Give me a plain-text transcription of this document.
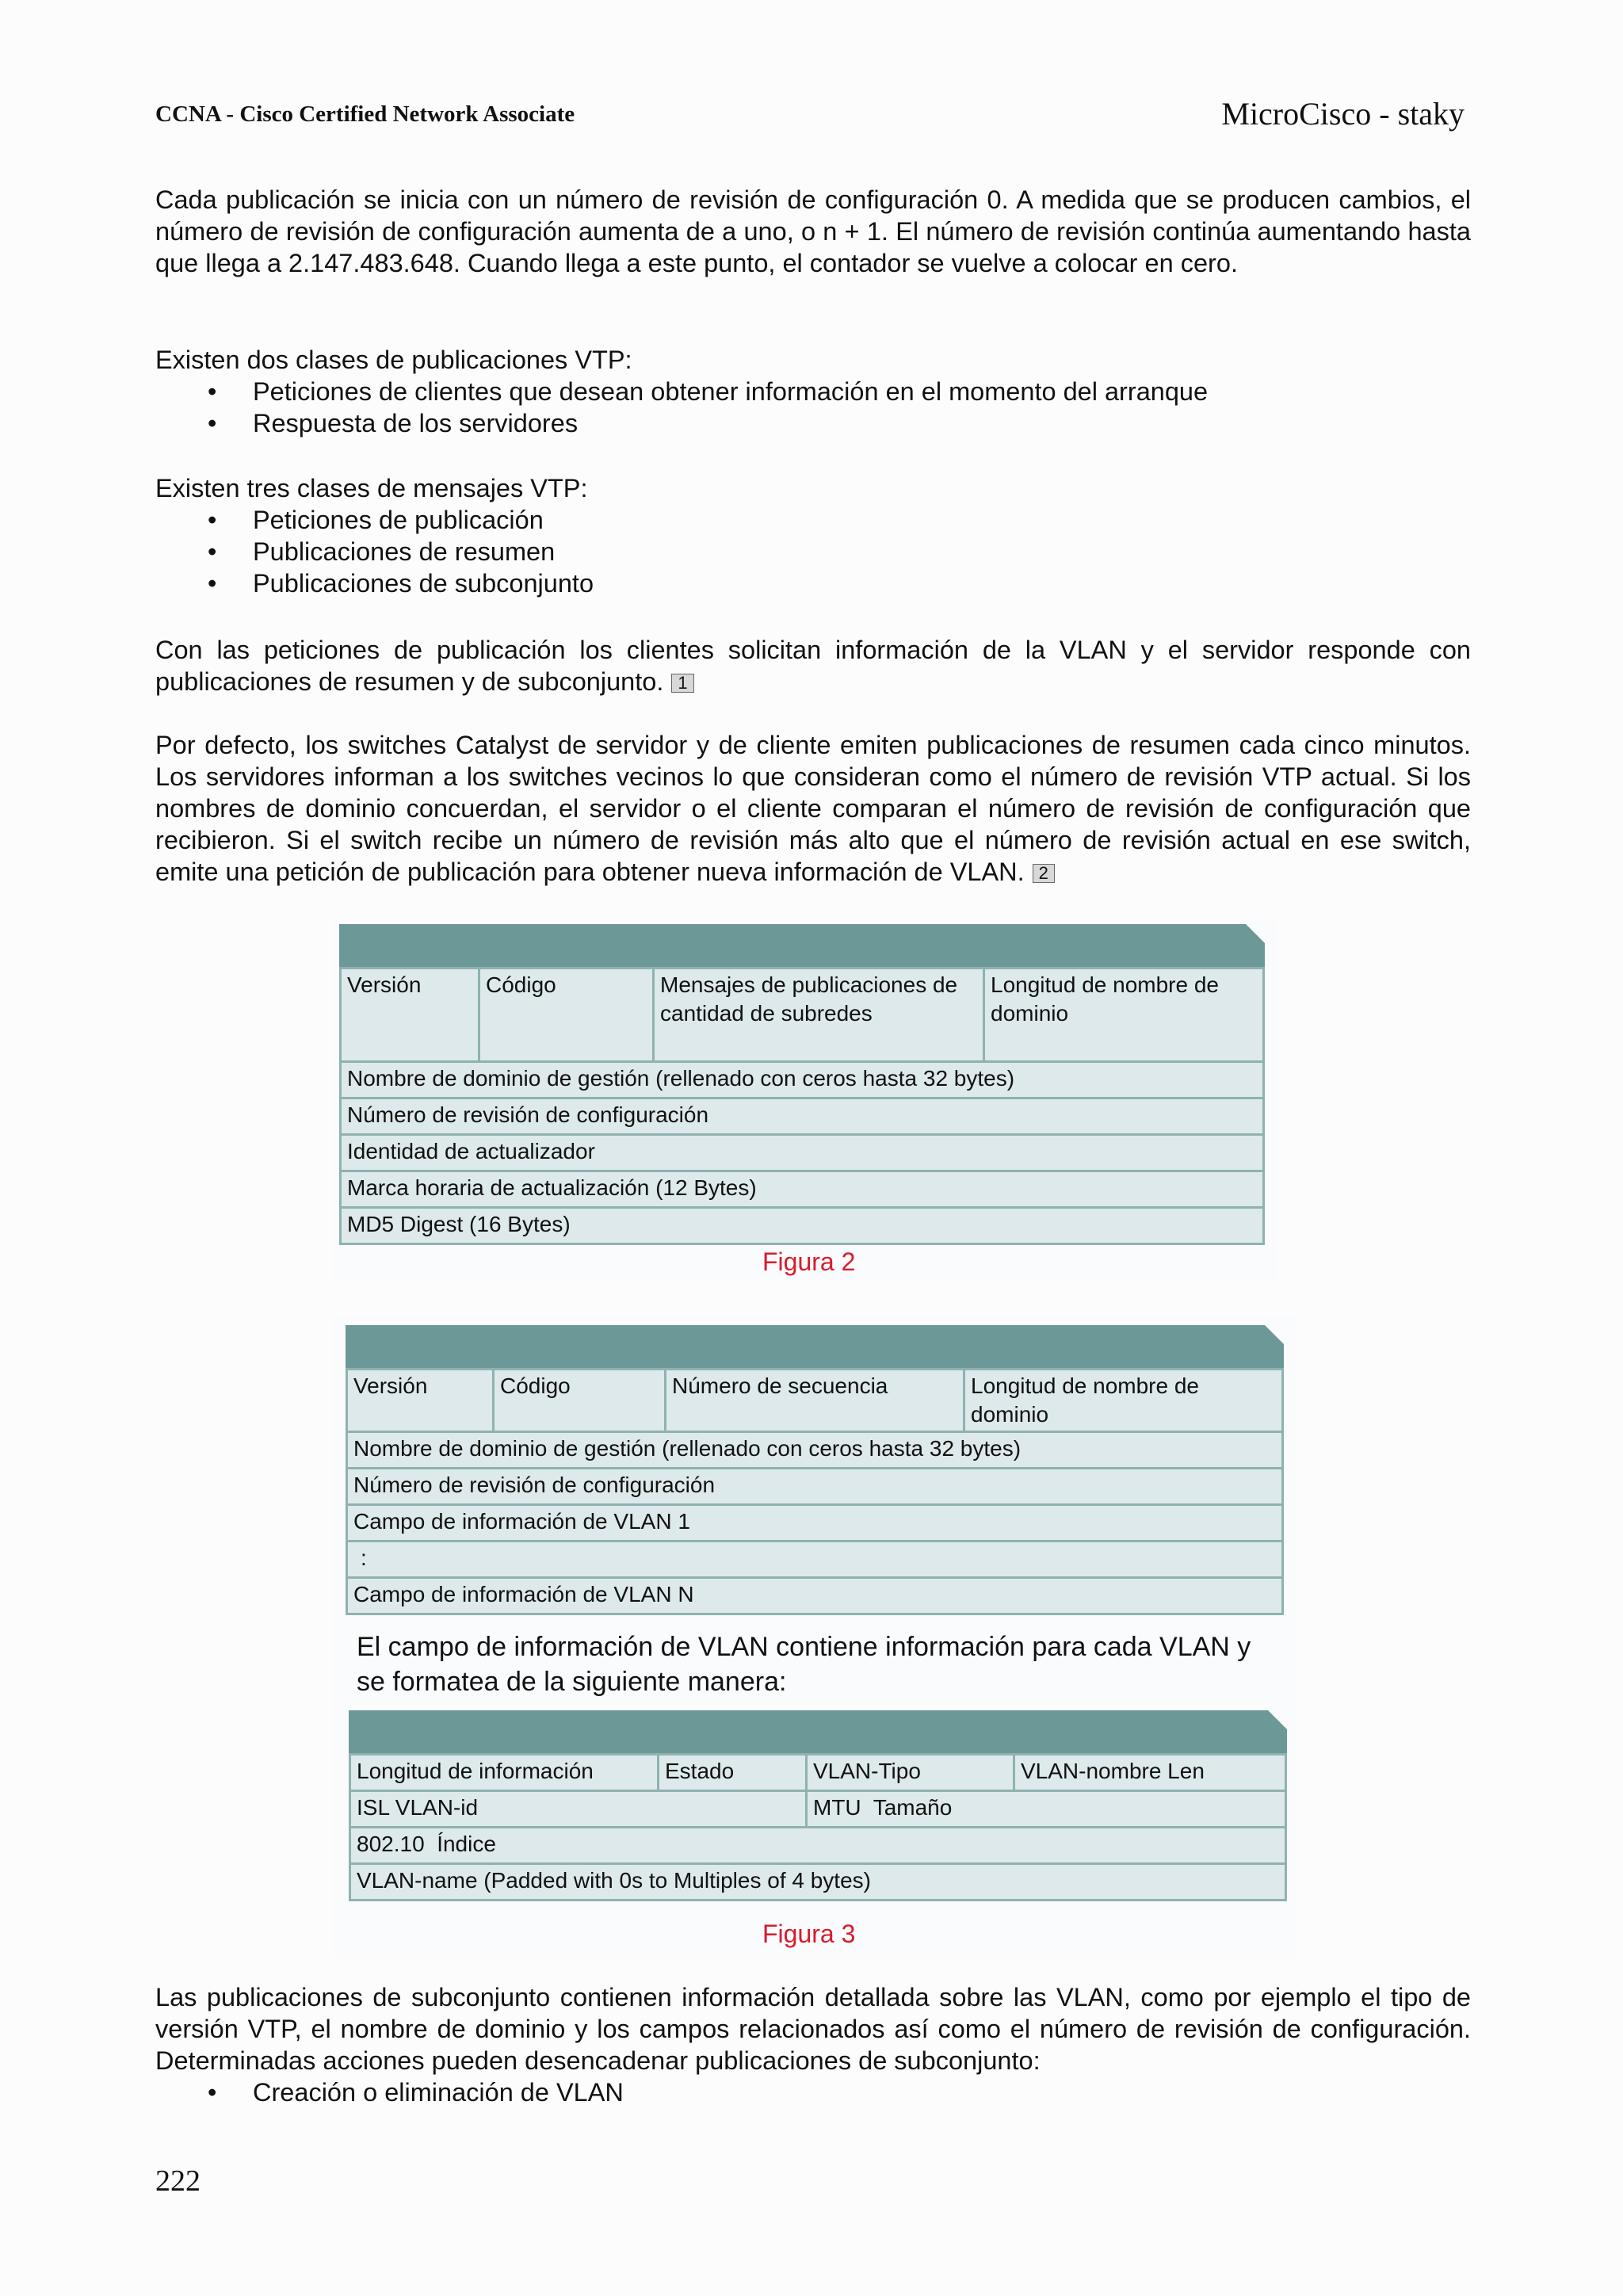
CCNA - Cisco Certified Network Associate	MicroCisco - staky

Cada publicación se inicia con un número de revisión de configuración 0. A medida que se producen cambios, el número de revisión de configuración aumenta de a uno, o n + 1. El número de revisión continúa aumentando hasta que llega a 2.147.483.648. Cuando llega a este punto, el contador se vuelve a colocar en cero.

Existen dos clases de publicaciones VTP:

• Peticiones de clientes que desean obtener información en el momento del arranque
• Respuesta de los servidores

Existen tres clases de mensajes VTP:

• Peticiones de publicación
• Publicaciones de resumen
• Publicaciones de subconjunto

Con las peticiones de publicación los clientes solicitan información de la VLAN y el servidor responde con publicaciones de resumen y de subconjunto. 1

Por defecto, los switches Catalyst de servidor y de cliente emiten publicaciones de resumen cada cinco minutos. Los servidores informan a los switches vecinos lo que consideran como el número de revisión VTP actual. Si los nombres de dominio concuerdan, el servidor o el cliente comparan el número de revisión de configuración que recibieron. Si el switch recibe un número de revisión más alto que el número de revisión actual en ese switch, emite una petición de publicación para obtener nueva información de VLAN. 2

Versión	Código	Mensajes de publicaciones de cantidad de subredes	Longitud de nombre de dominio
Nombre de dominio de gestión (rellenado con ceros hasta 32 bytes)
Número de revisión de configuración
Identidad de actualizador
Marca horaria de actualización (12 Bytes)
MD5 Digest (16 Bytes)
Figura 2
Versión	Código	Número de secuencia	Longitud de nombre de dominio
Nombre de dominio de gestión (rellenado con ceros hasta 32 bytes)
Número de revisión de configuración
Campo de información de VLAN 1
:
Campo de información de VLAN N
El campo de información de VLAN contiene información para cada VLAN y se formatea de la siguiente manera:
Longitud de información	Estado	VLAN-Tipo	VLAN-nombre Len
ISL VLAN-id		MTU  Tamaño	
802.10  Índice			
VLAN-name (Padded with 0s to Multiples of 4 bytes)			
Figura 3

Las publicaciones de subconjunto contienen información detallada sobre las VLAN, como por ejemplo el tipo de versión VTP, el nombre de dominio y los campos relacionados así como el número de revisión de configuración. Determinadas acciones pueden desencadenar publicaciones de subconjunto:

• Creación o eliminación de VLAN
222
